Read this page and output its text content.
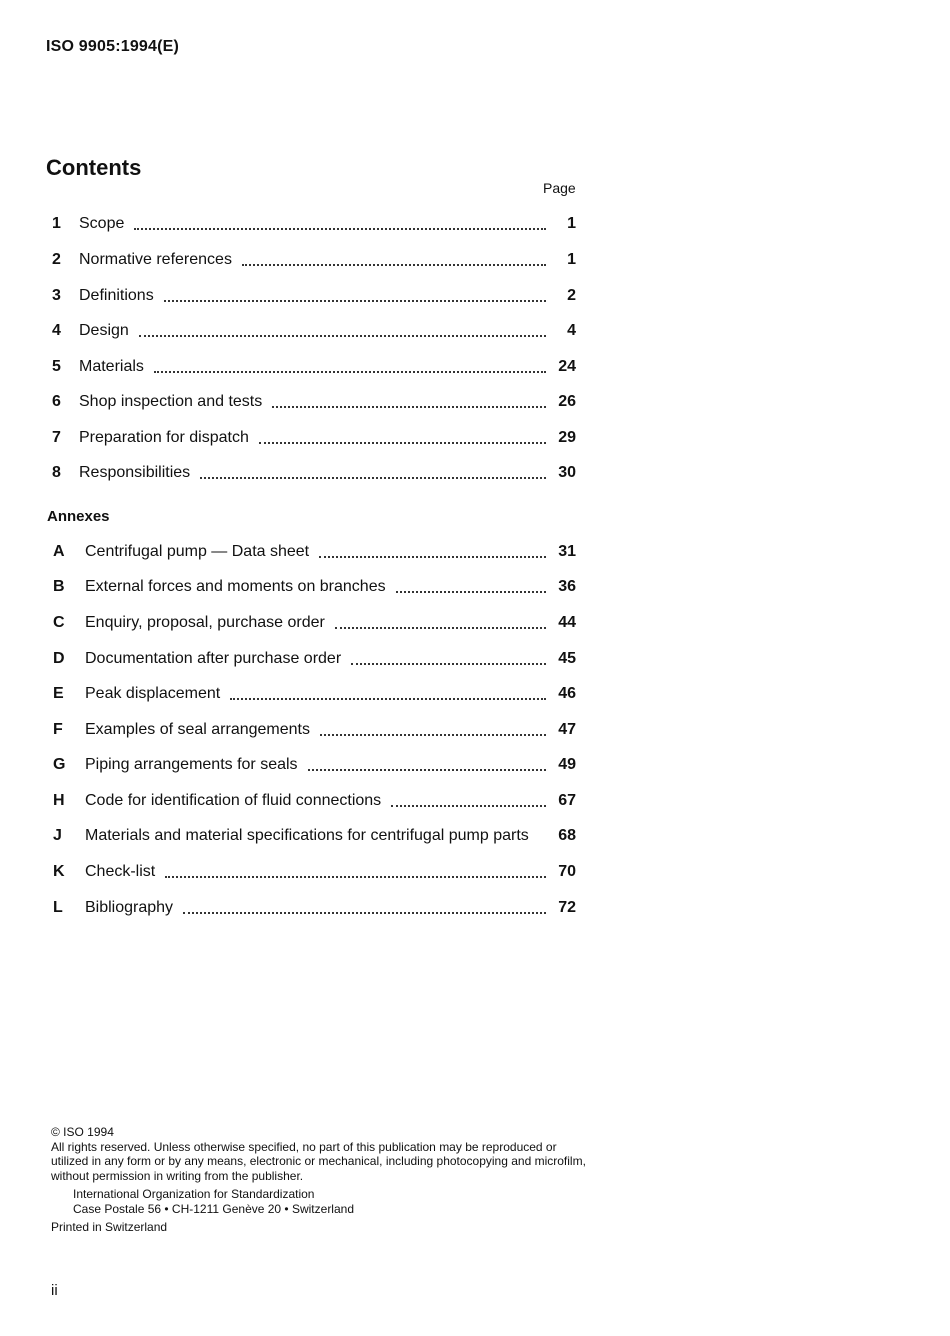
ISO 9905:1994(E)
Contents
Page
1	Scope	1
2	Normative references	1
3	Definitions	2
4	Design	4
5	Materials	24
6	Shop inspection and tests	26
7	Preparation for dispatch	29
8	Responsibilities	30
Annexes
A	Centrifugal pump — Data sheet	31
B	External forces and moments on branches	36
C	Enquiry, proposal, purchase order	44
D	Documentation after purchase order	45
E	Peak displacement	46
F	Examples of seal arrangements	47
G	Piping arrangements for seals	49
H	Code for identification of fluid connections	67
J	Materials and material specifications for centrifugal pump parts 68
K	Check-list	70
L	Bibliography	72

© ISO 1994

All rights reserved. Unless otherwise specified, no part of this publication may be reproduced or utilized in any form or by any means, electronic or mechanical, including photocopying and microfilm, without permission in writing from the publisher.

International Organization for Standardization

Case Postale 56 • CH-1211 Genève 20 • Switzerland

Printed in Switzerland

ii
